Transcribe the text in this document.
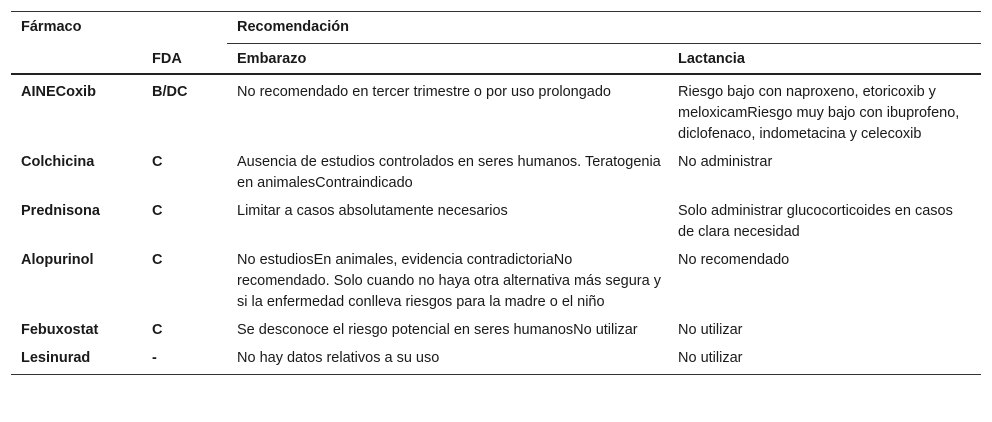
Fármaco		Recomendación	
	FDA	Embarazo	Lactancia
AINECoxib	B/DC	No recomendado en tercer trimestre o por uso prolongado	Riesgo bajo con naproxeno, etoricoxib y meloxicamRiesgo muy bajo con ibuprofeno, diclofenaco, indometacina y celecoxib
Colchicina	C	Ausencia de estudios controlados en seres humanos. Teratogenia en animalesContraindicado	No administrar
Prednisona	C	Limitar a casos absolutamente necesarios	Solo administrar glucocorticoides en casos de clara necesidad
Alopurinol	C	No estudiosEn animales, evidencia contradictoriaNo recomendado. Solo cuando no haya otra alternativa más segura y si la enfermedad conlleva riesgos para la madre o el niño	No recomendado
Febuxostat	C	Se desconoce el riesgo potencial en seres humanosNo utilizar	No utilizar
Lesinurad	-	No hay datos relativos a su uso	No utilizar
